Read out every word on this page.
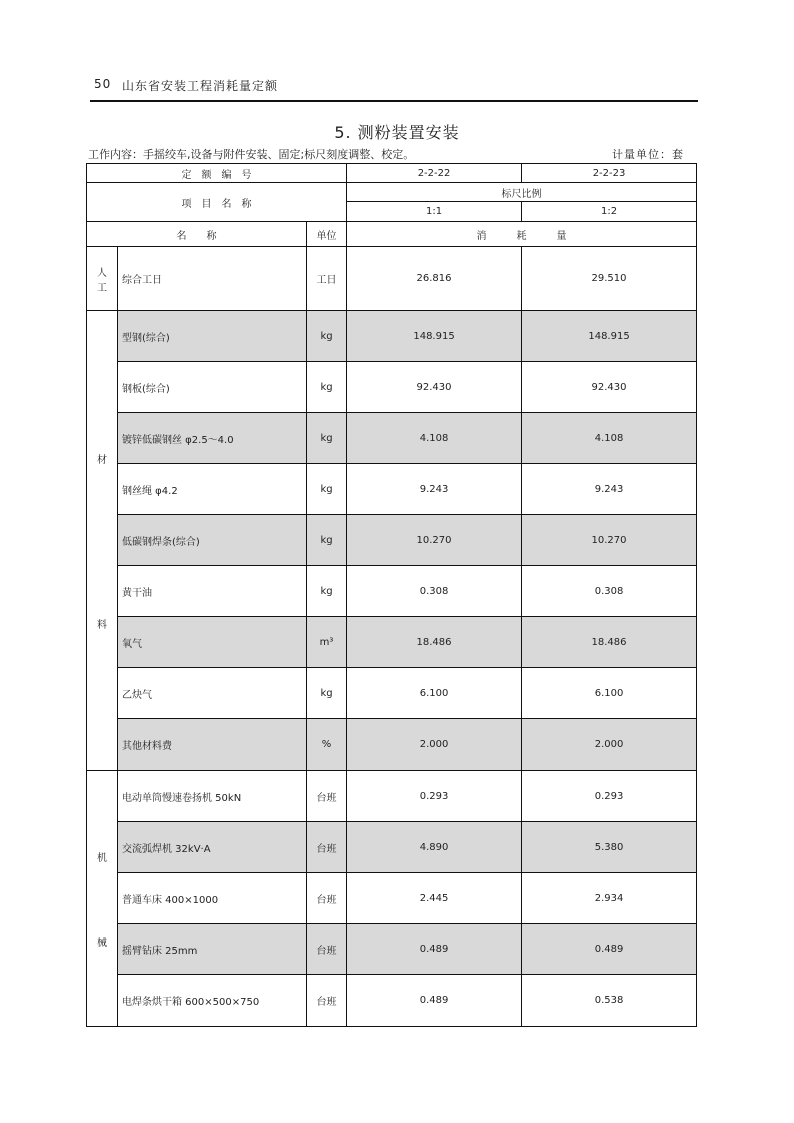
50 山东省安装工程消耗量定额
5. 测粉装置安装
工作内容：手摇绞车,设备与附件安装、固定;标尺刻度调整、校定。	计量单位：套
定　额　编　号			2-2-22	2-2-23
项　目　名　称			标尺比例	
			1:1	1:2
名　　称		单位	消　　　耗　　　量	
人工	综合工日	工日	26.816	29.510

材
料	型钢(综合)	kg	148.915	148.915
	钢板(综合)	kg	92.430	92.430
	镀锌低碳钢丝 φ2.5～4.0	kg	4.108	4.108
	钢丝绳 φ4.2	kg	9.243	9.243
	低碳钢焊条(综合)	kg	10.270	10.270
	黄干油	kg	0.308	0.308
	氧气	m³	18.486	18.486
	乙炔气	kg	6.100	6.100
	其他材料费	%	2.000	2.000

机
械	电动单筒慢速卷扬机 50kN	台班	0.293	0.293
	交流弧焊机 32kV·A	台班	4.890	5.380
	普通车床 400×1000	台班	2.445	2.934
	摇臂钻床 25mm	台班	0.489	0.489
	电焊条烘干箱 600×500×750	台班	0.489	0.538
